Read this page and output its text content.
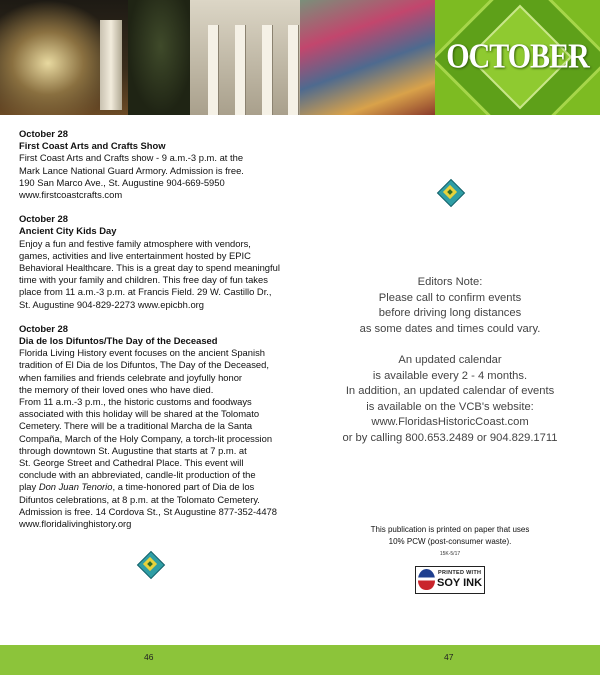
OCTOBER

October 28

First Coast Arts and Crafts Show

First Coast Arts and Crafts show - 9 a.m.-3 p.m. at the

Mark Lance National Guard Armory. Admission is free.

190 San Marco Ave., St. Augustine 904-669-5950

www.firstcoastcrafts.com

October 28

Ancient City Kids Day

Enjoy a fun and festive family atmosphere with vendors,

games, activities and live entertainment hosted by EPIC

Behavioral Healthcare. This is a great day to spend meaningful

time with your family and children. This free day of fun takes

place from 11 a.m.-3 p.m. at Francis Field. 29 W. Castillo Dr.,

St. Augustine 904-829-2273 www.epicbh.org

October 28

Dia de los Difuntos/The Day of the Deceased

Florida Living History event focuses on the ancient Spanish

tradition of El Dia de los Difuntos, The Day of the Deceased,

when families and friends celebrate and joyfully honor

the memory of their loved ones who have died.

From 11 a.m.-3 p.m., the historic customs and foodways

associated with this holiday will be shared at the Tolomato

Cemetery. There will be a traditional Marcha de la Santa

Compaña, March of the Holy Company, a torch-lit procession

through downtown St. Augustine that starts at 7 p.m. at

St. George Street and Cathedral Place. This event will

conclude with an abbreviated, candle-lit production of the

play Don Juan Tenorio, a time-honored part of Dia de los

Difuntos celebrations, at 8 p.m. at the Tolomato Cemetery.

Admission is free. 14 Cordova St., St Augustine 877-352-4478

www.floridalivinghistory.org

Editors Note:

Please call to confirm events

before driving long distances

as some dates and times could vary.

An updated calendar

is available every 2 - 4 months.

In addition, an updated calendar of events

is available on the VCB's website:

www.FloridasHistoricCoast.com

or by calling 800.653.2489 or 904.829.1711

This publication is printed on paper that uses
10% PCW (post-consumer waste).
15K-5/17
PRINTED WITH
SOY INK
46	47
